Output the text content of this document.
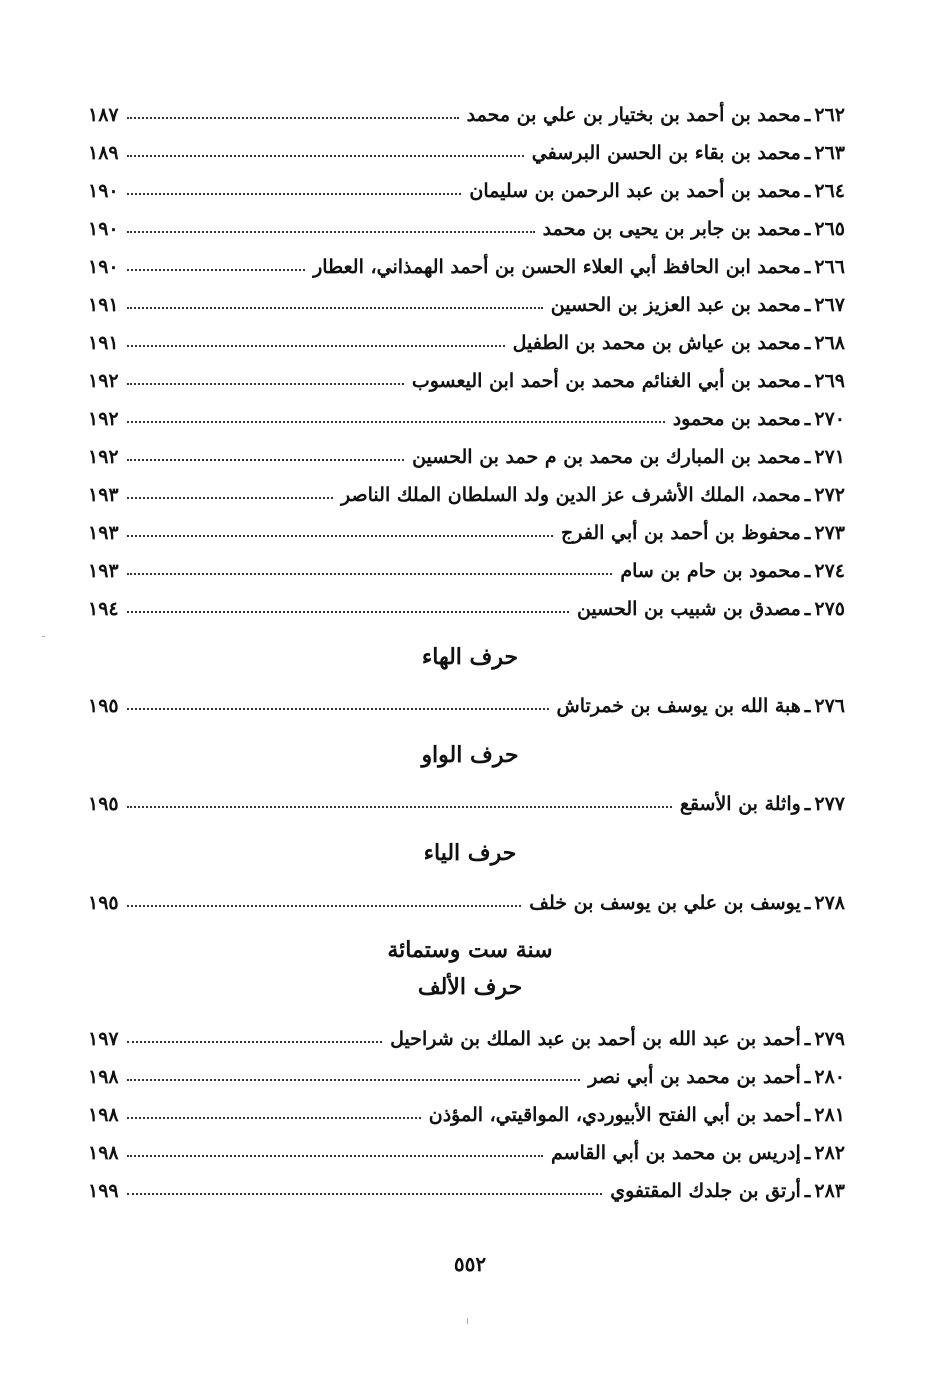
٢٦٢
ـ
محمد بن أحمد بن بختيار بن علي بن محمد
١٨٧
٢٦٣
ـ
محمد بن بقاء بن الحسن البرسفي
١٨٩
٢٦٤
ـ
محمد بن أحمد بن عبد الرحمن بن سليمان
١٩٠
٢٦٥
ـ
محمد بن جابر بن يحيى بن محمد
١٩٠
٢٦٦
ـ
محمد ابن الحافظ أبي العلاء الحسن بن أحمد الهمذاني، العطار
١٩٠
٢٦٧
ـ
محمد بن عبد العزيز بن الحسين
١٩١
٢٦٨
ـ
محمد بن عياش بن محمد بن الطفيل
١٩١
٢٦٩
ـ
محمد بن أبي الغنائم محمد بن أحمد ابن اليعسوب
١٩٢
٢٧٠
ـ
محمد بن محمود
١٩٢
٢٧١
ـ
محمد بن المبارك بن محمد بن م حمد بن الحسين
١٩٢
٢٧٢
ـ
محمد، الملك الأشرف عز الدين ولد السلطان الملك الناصر
١٩٣
٢٧٣
ـ
محفوظ بن أحمد بن أبي الفرج
١٩٣
٢٧٤
ـ
محمود بن حام بن سام
١٩٣
٢٧٥
ـ
مصدق بن شبيب بن الحسين
١٩٤
حرف الهاء
٢٧٦
ـ
هبة الله بن يوسف بن خمرتاش
١٩٥
حرف الواو
٢٧٧
ـ
واثلة بن الأسقع
١٩٥
حرف الياء
٢٧٨
ـ
يوسف بن علي بن يوسف بن خلف
١٩٥
سنة ست وستمائة
حرف الألف
٢٧٩
ـ
أحمد بن عبد الله بن أحمد بن عبد الملك بن شراحيل
١٩٧
٢٨٠
ـ
أحمد بن محمد بن أبي نصر
١٩٨
٢٨١
ـ
أحمد بن أبي الفتح الأبيوردي، المواقيتي، المؤذن
١٩٨
٢٨٢
ـ
إدريس بن محمد بن أبي القاسم
١٩٨
٢٨٣
ـ
أرتق بن جلدك المقتفوي
١٩٩
٥٥٢
